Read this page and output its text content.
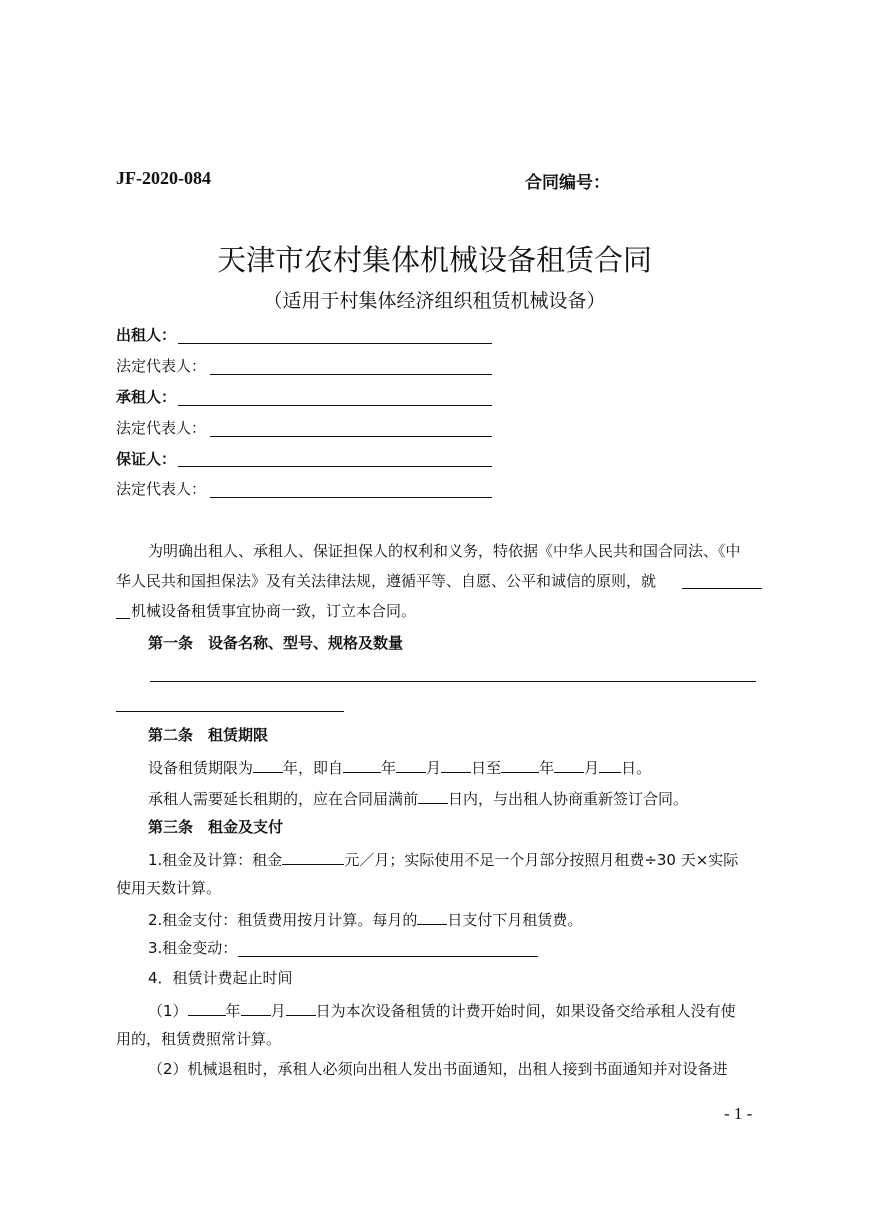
JF-2020-084	合同编号：
天津市农村集体机械设备租赁合同
（适用于村集体经济组织租赁机械设备）
出租人：
法定代表人：
承租人：
法定代表人：
保证人：
法定代表人：
为明确出租人、承租人、保证担保人的权利和义务，特依据《中华人民共和国合同法、《中
华人民共和国担保法》及有关法律法规，遵循平等、自愿、公平和诚信的原则，就
机械设备租赁事宜协商一致，订立本合同。
第一条　设备名称、型号、规格及数量
第二条　租赁期限
设备租赁期限为 年，即自	年 月 日至	年 月 日。
承租人需要延长租期的，应在合同届满前 日内，与出租人协商重新签订合同。
第三条　租金及支付
1.租金及计算：租金	元／月；实际使用不足一个月部分按照月租费÷30 天×实际
使用天数计算。
2.租金支付：租赁费用按月计算。每月的 日支付下月租赁费。
3.租金变动：
4．租赁计费起止时间
（1）	年 月 日为本次设备租赁的计费开始时间，如果设备交给承租人没有使
用的，租赁费照常计算。
（2）机械退租时，承租人必须向出租人发出书面通知，出租人接到书面通知并对设备进
- 1 -
